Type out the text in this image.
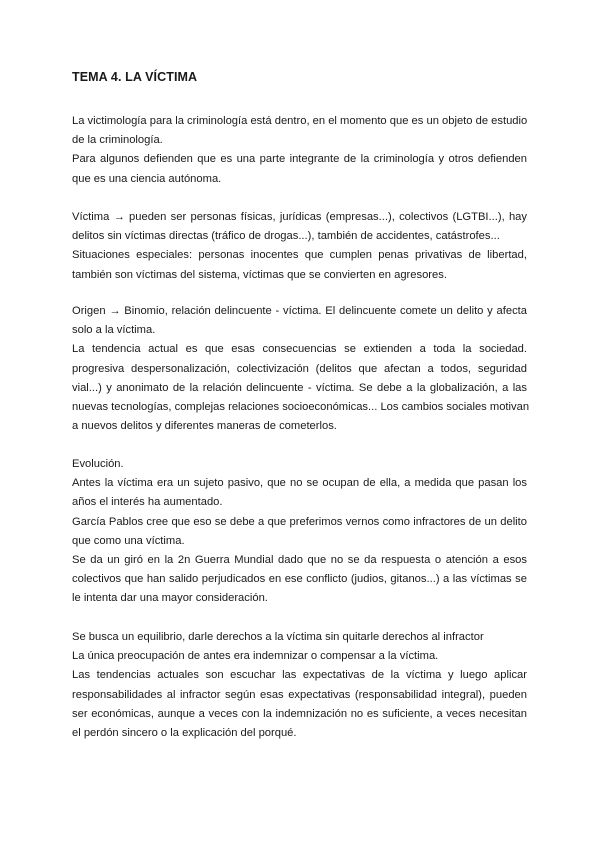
TEMA 4. LA VÍCTIMA
La victimología para la criminología está dentro, en el momento que es un objeto de estudio
de la criminología.
Para algunos defienden que es una parte integrante de la criminología y otros defienden
que es una ciencia autónoma.
Víctima → pueden ser personas físicas, jurídicas (empresas...), colectivos (LGTBI...), hay
delitos sin víctimas directas (tráfico de drogas...), también de accidentes, catástrofes...
Situaciones especiales: personas inocentes que cumplen penas privativas de libertad,
también son víctimas del sistema, víctimas que se convierten en agresores.
Origen → Binomio, relación delincuente - víctima. El delincuente comete un delito y afecta
solo a la víctima.
La tendencia actual es que esas consecuencias se extienden a toda la sociedad.
progresiva despersonalización, colectivización (delitos que afectan a todos, seguridad
vial...) y anonimato de la relación delincuente - víctima. Se debe a la globalización, a las
nuevas tecnologías, complejas relaciones socioeconómicas... Los cambios sociales motivan
a nuevos delitos y diferentes maneras de cometerlos.
Evolución.
Antes la víctima era un sujeto pasivo, que no se ocupan de ella, a medida que pasan los
años el interés ha aumentado.
García Pablos cree que eso se debe a que preferimos vernos como infractores de un delito
que como una víctima.
Se da un giró en la 2n Guerra Mundial dado que no se da respuesta o atención a esos
colectivos que han salido perjudicados en ese conflicto (judios, gitanos...) a las víctimas se
le intenta dar una mayor consideración.
Se busca un equilibrio, darle derechos a la víctima sin quitarle derechos al infractor
La única preocupación de antes era indemnizar o compensar a la víctima.
Las tendencias actuales son escuchar las expectativas de la víctima y luego aplicar
responsabilidades al infractor según esas expectativas (responsabilidad integral), pueden
ser económicas, aunque a veces con la indemnización no es suficiente, a veces necesitan
el perdón sincero o la explicación del porqué.
